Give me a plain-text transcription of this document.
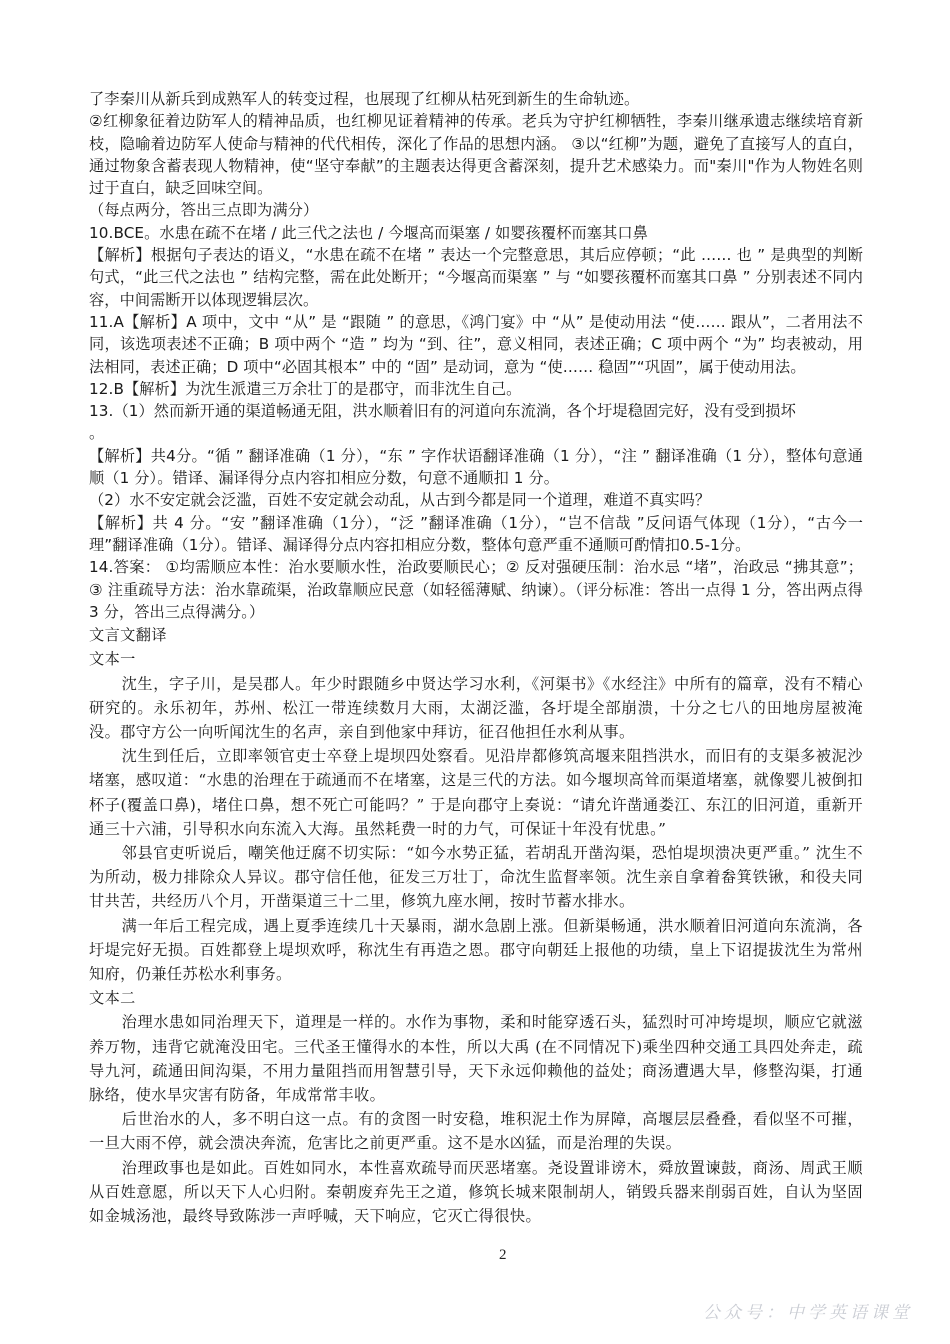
了李秦川从新兵到成熟军人的转变过程，也展现了红柳从枯死到新生的生命轨迹。

②红柳象征着边防军人的精神品质，也红柳见证着精神的传承。老兵为守护红柳牺牲，李秦川继承遗志继续培育新枝，隐喻着边防军人使命与精神的代代相传，深化了作品的思想内涵。 ③以“红柳”为题，避免了直接写人的直白，通过物象含蓄表现人物精神，使“坚守奉献”的主题表达得更含蓄深刻，提升艺术感染力。而"秦川"作为人物姓名则过于直白，缺乏回味空间。

（每点两分，答出三点即为满分）

10.BCE。水患在疏不在堵 / 此三代之法也 / 今堰高而渠塞 / 如婴孩覆杯而塞其口鼻

【解析】根据句子表达的语义，“水患在疏不在堵 ” 表达一个完整意思，其后应停顿；“此 …… 也 ” 是典型的判断句式，“此三代之法也 ” 结构完整，需在此处断开；“今堰高而渠塞 ” 与 “如婴孩覆杯而塞其口鼻 ” 分别表述不同内容，中间需断开以体现逻辑层次。

11.A【解析】A 项中，文中 “从” 是 “跟随 ” 的意思，《鸿门宴》中 “从” 是使动用法 “使…… 跟从”，二者用法不同，该选项表述不正确；B 项中两个 “造 ” 均为 “到、往”，意义相同，表述正确；C 项中两个 “为” 均表被动，用法相同，表述正确；D 项中“必固其根本” 中的 “固” 是动词，意为 “使…… 稳固”“巩固”，属于使动用法。

12.B【解析】为沈生派遣三万余壮丁的是郡守，而非沈生自己。

13.（1）然而新开通的渠道畅通无阻，洪水顺着旧有的河道向东流淌，各个圩堤稳固完好，没有受到损坏

。

【解析】共4分。“循 ” 翻译准确（1 分），“东 ” 字作状语翻译准确（1 分），“注 ” 翻译准确（1 分），整体句意通顺（1 分）。错译、漏译得分点内容扣相应分数，句意不通顺扣 1 分。

（2）水不安定就会泛滥，百姓不安定就会动乱，从古到今都是同一个道理，难道不真实吗？

【解析】共 4 分。“安 ”翻译准确（1分），“泛 ”翻译准确（1分），“岂不信哉 ”反问语气体现（1分），“古今一理”翻译准确（1分）。错译、漏译得分点内容扣相应分数，整体句意严重不通顺可酌情扣0.5-1分。

14.答案： ①均需顺应本性：治水要顺水性，治政要顺民心；② 反对强硬压制：治水忌 “堵”，治政忌 “拂其意”； ③ 注重疏导方法：治水靠疏渠，治政靠顺应民意（如轻徭薄赋、纳谏）。（评分标准：答出一点得 1 分，答出两点得3 分，答出三点得满分。）

文言文翻译

文本一

沈生，字子川，是吴郡人。年少时跟随乡中贤达学习水利，《河渠书》《水经注》中所有的篇章，没有不精心研究的。永乐初年，苏州、松江一带连续数月大雨，太湖泛滥，各圩堤全部崩溃，十分之七八的田地房屋被淹没。郡守方公一向听闻沈生的名声，亲自到他家中拜访，征召他担任水利从事。

沈生到任后，立即率领官吏士卒登上堤坝四处察看。见沿岸都修筑高堰来阻挡洪水，而旧有的支渠多被泥沙堵塞，感叹道：“水患的治理在于疏通而不在堵塞，这是三代的方法。如今堰坝高耸而渠道堵塞，就像婴儿被倒扣杯子(覆盖口鼻)，堵住口鼻，想不死亡可能吗？” 于是向郡守上奏说：“请允许凿通娄江、东江的旧河道，重新开通三十六浦，引导积水向东流入大海。虽然耗费一时的力气，可保证十年没有忧患。”

邻县官吏听说后，嘲笑他迂腐不切实际：“如今水势正猛，若胡乱开凿沟渠，恐怕堤坝溃决更严重。” 沈生不为所动，极力排除众人异议。郡守信任他，征发三万壮丁，命沈生监督率领。沈生亲自拿着畚箕铁锹，和役夫同甘共苦，共经历八个月，开凿渠道三十二里，修筑九座水闸，按时节蓄水排水。

满一年后工程完成，遇上夏季连续几十天暴雨，湖水急剧上涨。但新渠畅通，洪水顺着旧河道向东流淌，各圩堤完好无损。百姓都登上堤坝欢呼，称沈生有再造之恩。郡守向朝廷上报他的功绩，皇上下诏提拔沈生为常州知府，仍兼任苏松水利事务。

文本二

治理水患如同治理天下，道理是一样的。水作为事物，柔和时能穿透石头，猛烈时可冲垮堤坝，顺应它就滋养万物，违背它就淹没田宅。三代圣王懂得水的本性，所以大禹 (在不同情况下)乘坐四种交通工具四处奔走，疏导九河，疏通田间沟渠，不用力量阻挡而用智慧引导，天下永远仰赖他的益处；商汤遭遇大旱，修整沟渠，打通脉络，使水旱灾害有防备，年成常常丰收。

后世治水的人，多不明白这一点。有的贪图一时安稳，堆积泥土作为屏障，高堰层层叠叠，看似坚不可摧，一旦大雨不停，就会溃决奔流，危害比之前更严重。这不是水凶猛，而是治理的失误。

治理政事也是如此。百姓如同水，本性喜欢疏导而厌恶堵塞。尧设置诽谤木，舜放置谏鼓，商汤、周武王顺从百姓意愿，所以天下人心归附。秦朝废弃先王之道，修筑长城来限制胡人，销毁兵器来削弱百姓，自认为坚固如金城汤池，最终导致陈涉一声呼喊，天下响应，它灭亡得很快。

2
公众号：中学英语课堂
